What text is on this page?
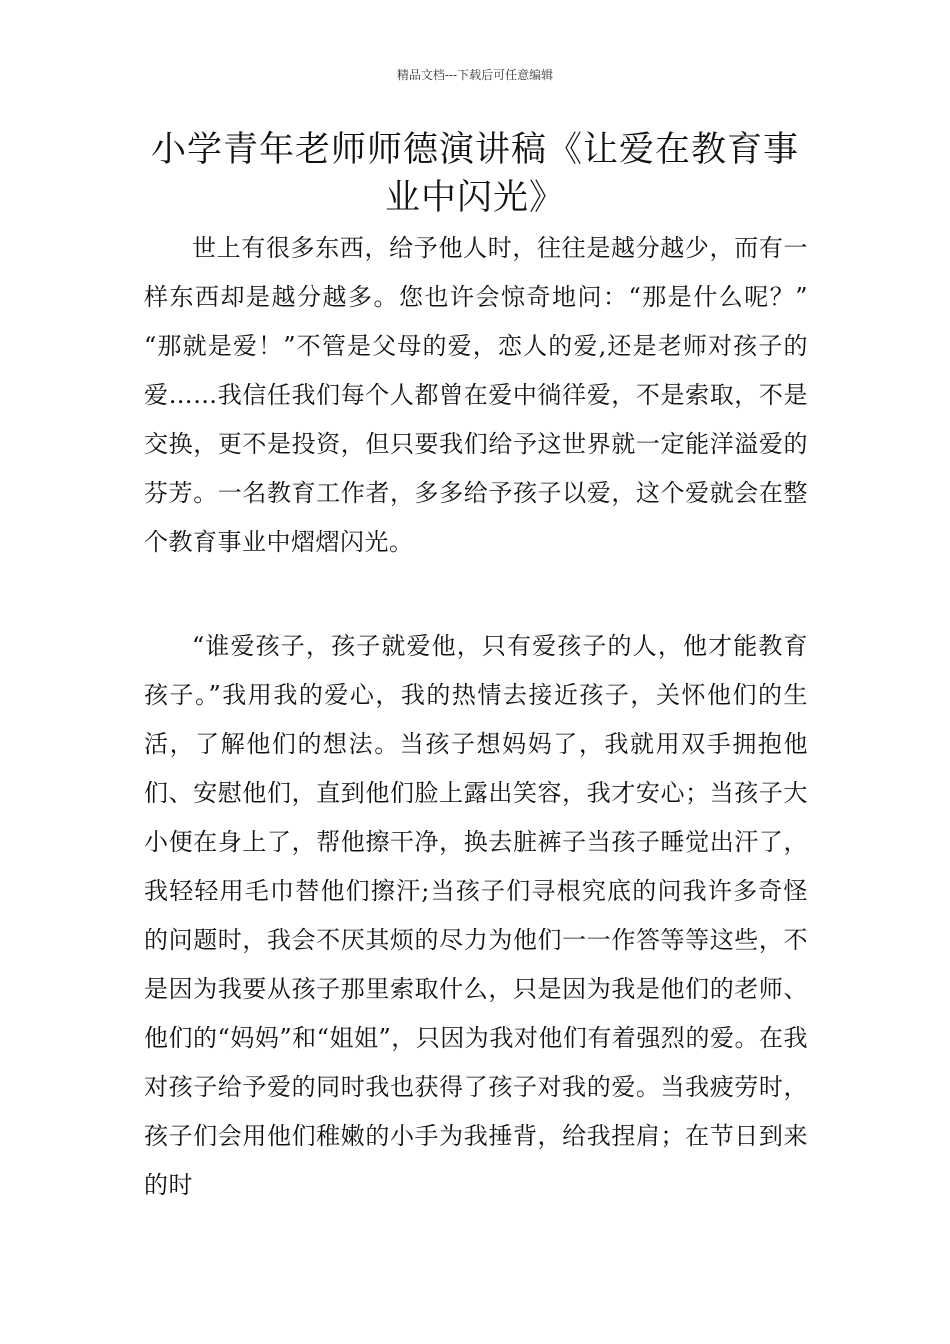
精品文档---下载后可任意编辑
小学青年老师师德演讲稿《让爱在教育事业中闪光》

世上有很多东西，给予他人时，往往是越分越少，而有一样东西却是越分越多。您也许会惊奇地问：“那是什么呢？” “那就是爱！”不管是父母的爱，恋人的爱,还是老师对孩子的爱……我信任我们每个人都曾在爱中徜徉爱，不是索取，不是交换，更不是投资，但只要我们给予这世界就一定能洋溢爱的芬芳。一名教育工作者，多多给予孩子以爱，这个爱就会在整个教育事业中熠熠闪光。

“谁爱孩子，孩子就爱他，只有爱孩子的人，他才能教育孩子。”我用我的爱心，我的热情去接近孩子，关怀他们的生活，了解他们的想法。当孩子想妈妈了，我就用双手拥抱他们、安慰他们，直到他们脸上露出笑容，我才安心；当孩子大小便在身上了，帮他擦干净，换去脏裤子当孩子睡觉出汗了，我轻轻用毛巾替他们擦汗;当孩子们寻根究底的问我许多奇怪的问题时，我会不厌其烦的尽力为他们一一作答等等这些，不是因为我要从孩子那里索取什么，只是因为我是他们的老师、他们的“妈妈”和“姐姐”，只因为我对他们有着强烈的爱。在我对孩子给予爱的同时我也获得了孩子对我的爱。当我疲劳时，孩子们会用他们稚嫩的小手为我捶背，给我捏肩；在节日到来的时
